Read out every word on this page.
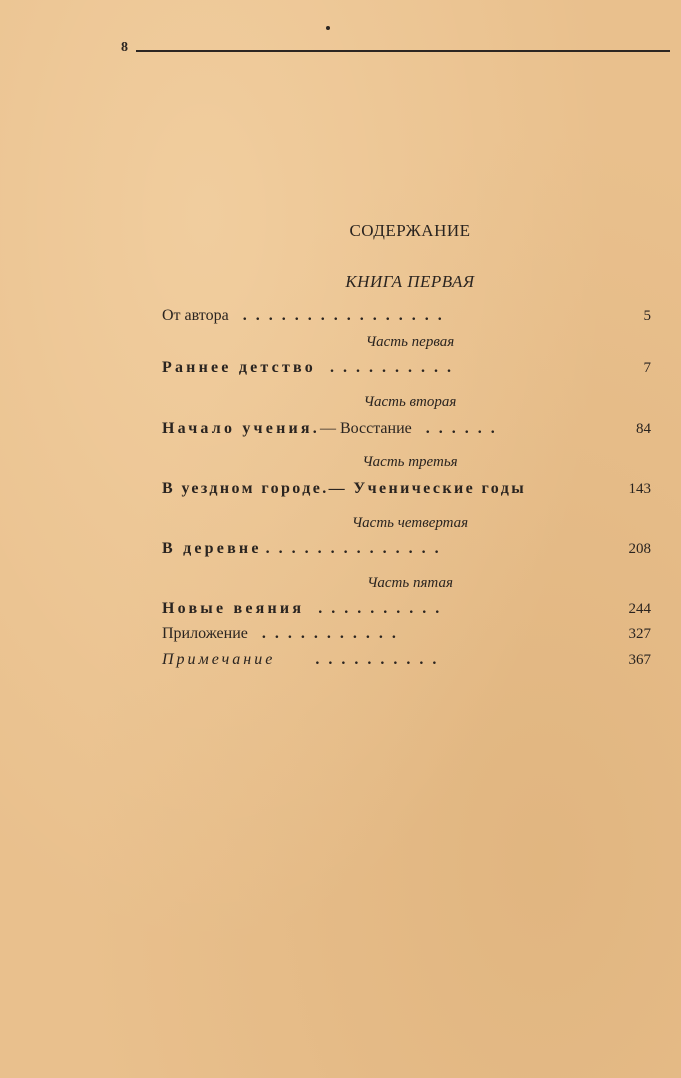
8
СОДЕРЖАНИЕ
КНИГА ПЕРВАЯ
От автора ................	5
Часть первая
Раннее детство ..........	7
Часть вторая
Начало учения.— Восстание ......	84
Часть третья
В уездном городе.— Ученические годы	143
Часть четвертая
В деревне ..............	208
Часть пятая
Новые веяния ..........	244
Приложение ...........	327
Примечание	..........	367
